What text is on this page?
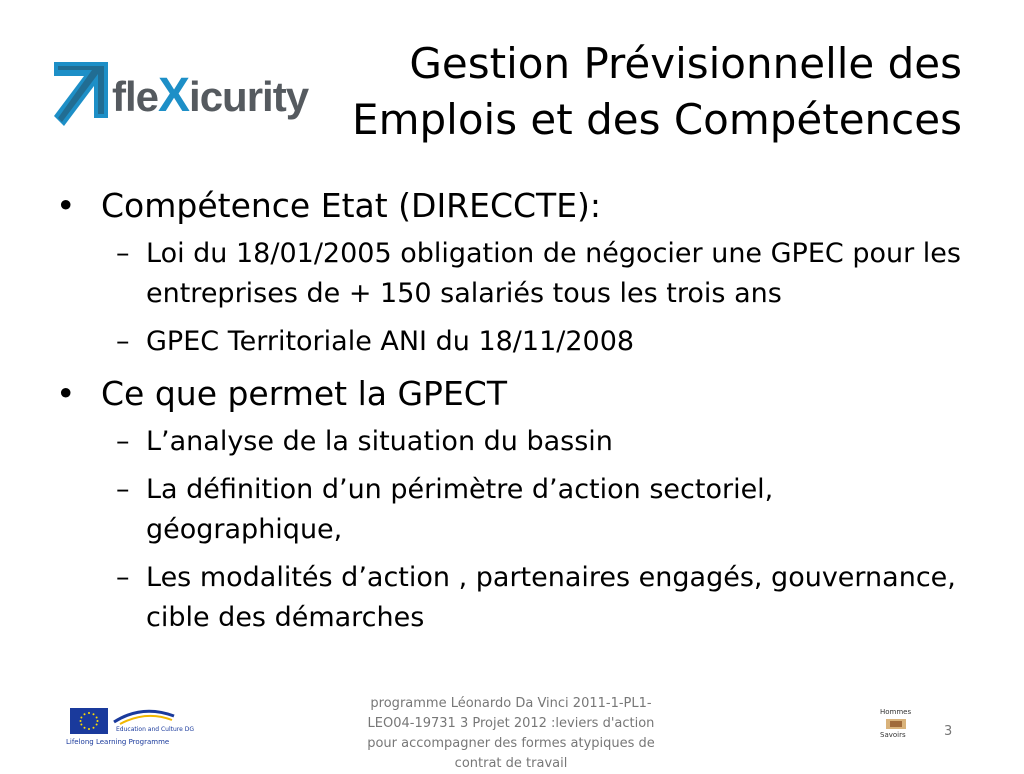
fleXicurity
Gestion Prévisionnelle des
Emplois et des Compétences
• Compétence Etat (DIRECCTE):
– Loi du 18/01/2005 obligation de négocier une GPEC pour les entreprises de + 150 salariés tous les trois ans
– GPEC Territoriale ANI du 18/11/2008
• Ce que permet la GPECT
– L’analyse de la situation du bassin
– La définition d’un périmètre d’action sectoriel, géographique,
– Les modalités d’action , partenaires engagés, gouvernance, cible des démarches
Education and Culture DG
Lifelong Learning Programme
programme Léonardo Da Vinci 2011-1-PL1-LEO04-19731 3 Projet 2012 :leviers d'action pour accompagner des formes atypiques de contrat de travail
Hommes
Savoirs	3
